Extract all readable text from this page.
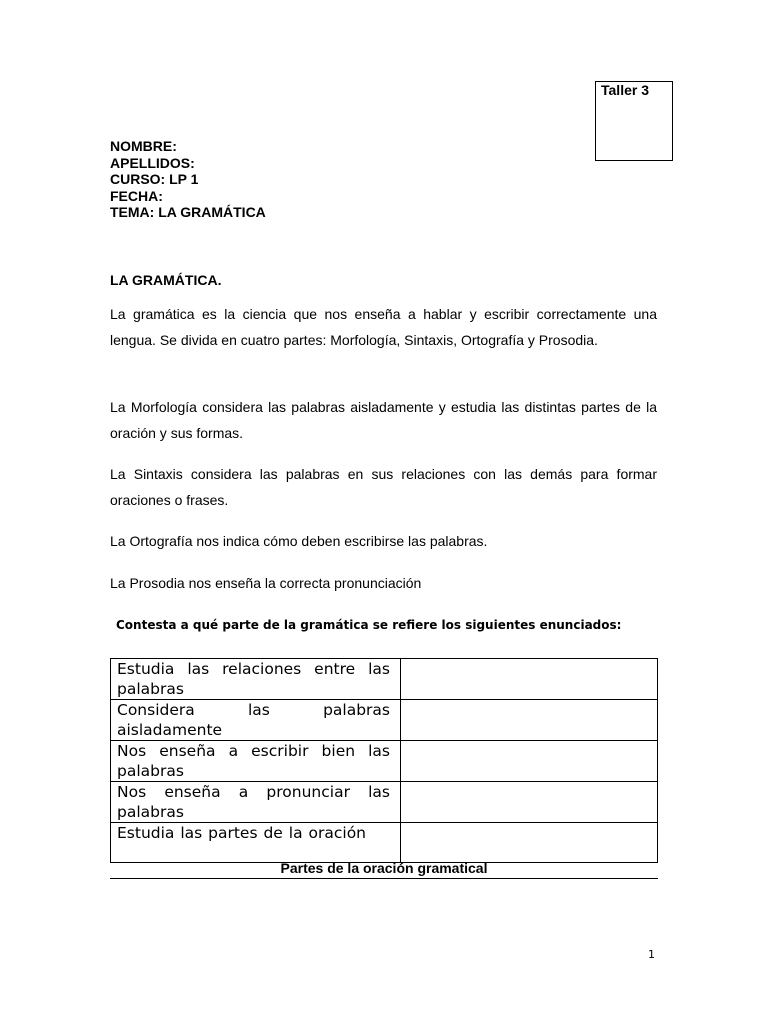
Taller 3
NOMBRE:
APELLIDOS:
CURSO: LP 1
FECHA:
TEMA: LA GRAMÁTICA
LA GRAMÁTICA.
La gramática es la ciencia que nos enseña a hablar y escribir correctamente una lengua. Se divida en cuatro partes: Morfología, Sintaxis, Ortografía y Prosodia.
La Morfología considera las palabras aisladamente y estudia las distintas partes de la oración y sus formas.
La Sintaxis considera las palabras en sus relaciones con las demás para formar oraciones o frases.
La Ortografía nos indica cómo deben escribirse las palabras.
La Prosodia nos enseña la correcta pronunciación
Contesta a qué parte de la gramática se refiere los siguientes enunciados:
Estudia las relaciones entre las palabras	
Considera las palabras aisladamente	
Nos enseña a escribir bien las palabras	
Nos enseña a pronunciar las palabras	
Estudia las partes de la oración	
Partes de la oración gramatical
1
